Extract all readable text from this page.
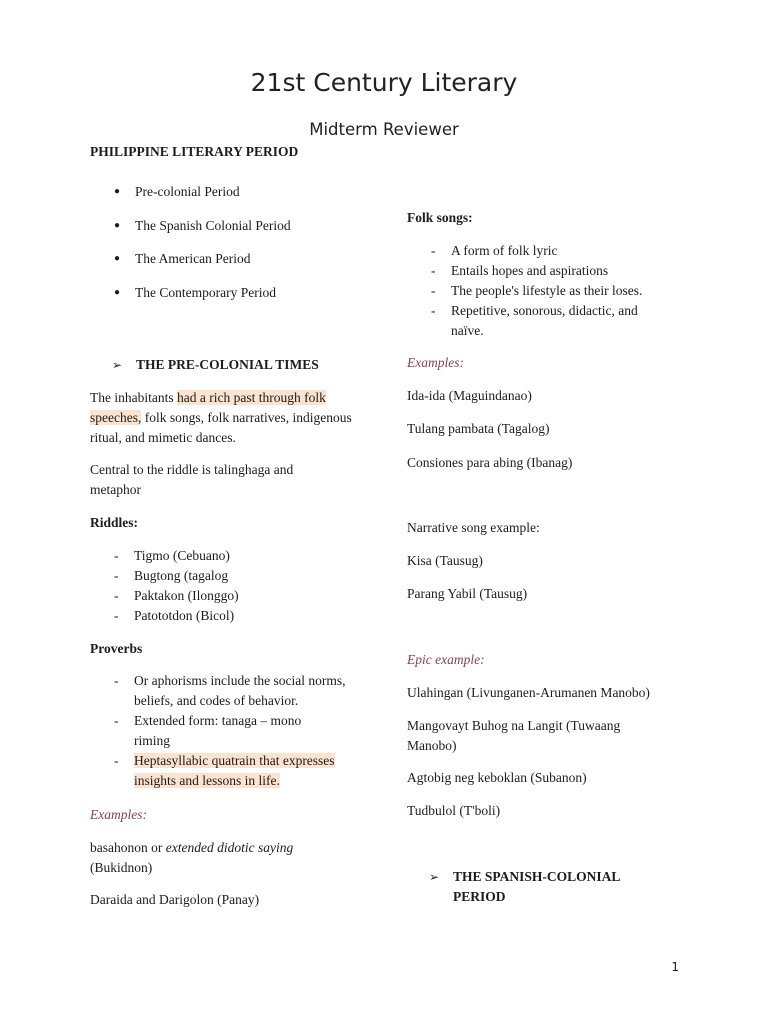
21st Century Literary
Midterm Reviewer
PHILIPPINE LITERARY PERIOD
● Pre-colonial Period
● The Spanish Colonial Period
● The American Period
● The Contemporary Period
➢	THE PRE-COLONIAL TIMES
The inhabitants had a rich past through folk speeches, folk songs, folk narratives, indigenous ritual, and mimetic dances.
Central to the riddle is talinghaga and metaphor
Riddles:
- Tigmo (Cebuano)
- Bugtong (tagalog
- Paktakon (Ilonggo)
- Patototdon (Bicol)
Proverbs
- Or aphorisms include the social norms, beliefs, and codes of behavior.
- Extended form: tanaga – mono riming
- Heptasyllabic quatrain that expresses
insights and lessons in life.
Examples:
basahonon or extended didotic saying (Bukidnon)
Daraida and Darigolon (Panay)
Folk songs:
- A form of folk lyric
- Entails hopes and aspirations
- The people's lifestyle as their loses.
- Repetitive, sonorous, didactic, and naïve.
Examples:
Ida-ida (Maguindanao)
Tulang pambata (Tagalog)
Consiones para abing (Ibanag)
Narrative song example:
Kisa (Tausug)
Parang Yabil (Tausug)
Epic example:
Ulahingan (Livunganen-Arumanen Manobo)
Mangovayt Buhog na Langit (Tuwaang Manobo)
Agtobig neg keboklan (Subanon)
Tudbulol (T'boli)
➢	THE SPANISH-COLONIAL PERIOD
1
